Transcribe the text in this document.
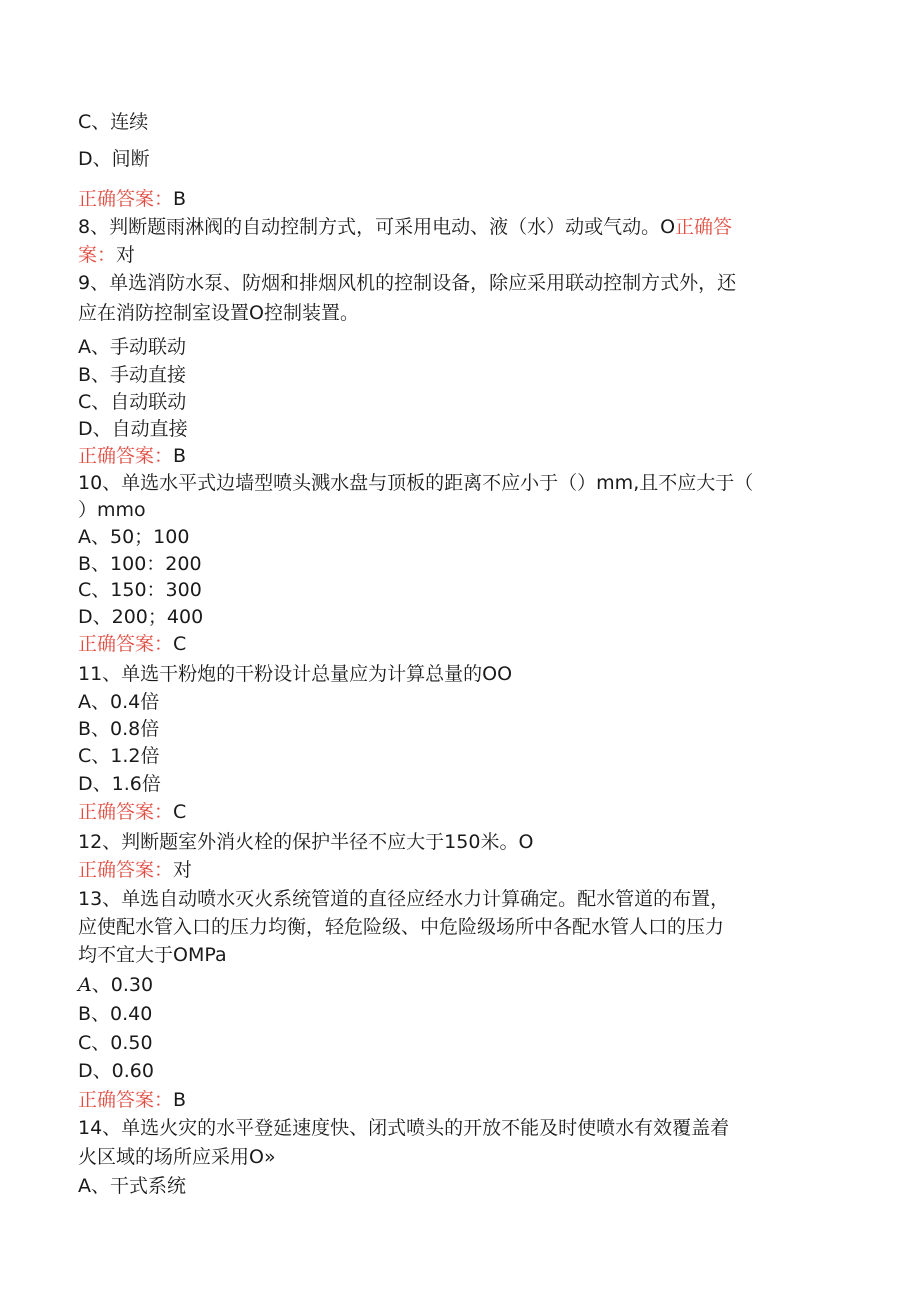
C、连续
D、间断
正确答案：B
8、判断题雨淋阀的自动控制方式，可采用电动、液（水）动或气动。O正确答
案：对
9、单选消防水泵、防烟和排烟风机的控制设备，除应采用联动控制方式外，还
应在消防控制室设置O控制装置。
A、手动联动
B、手动直接
C、自动联动
D、自动直接
正确答案：B
10、单选水平式边墙型喷头溅水盘与顶板的距离不应小于（）mm,且不应大于（
）mmo
A、50；100
B、100：200
C、150：300
D、200；400
正确答案：C
11、单选干粉炮的干粉设计总量应为计算总量的OO
A、0.4倍
B、0.8倍
C、1.2倍
D、1.6倍
正确答案：C
12、判断题室外消火栓的保护半径不应大于150米。O
正确答案：对
13、单选自动喷水灭火系统管道的直径应经水力计算确定。配水管道的布置，
应使配水管入口的压力均衡，轻危险级、中危险级场所中各配水管人口的压力
均不宜大于OMPa
A、0.30
B、0.40
C、0.50
D、0.60
正确答案：B
14、单选火灾的水平登延速度快、闭式喷头的开放不能及时使喷水有效覆盖着
火区域的场所应采用O»
A、干式系统
